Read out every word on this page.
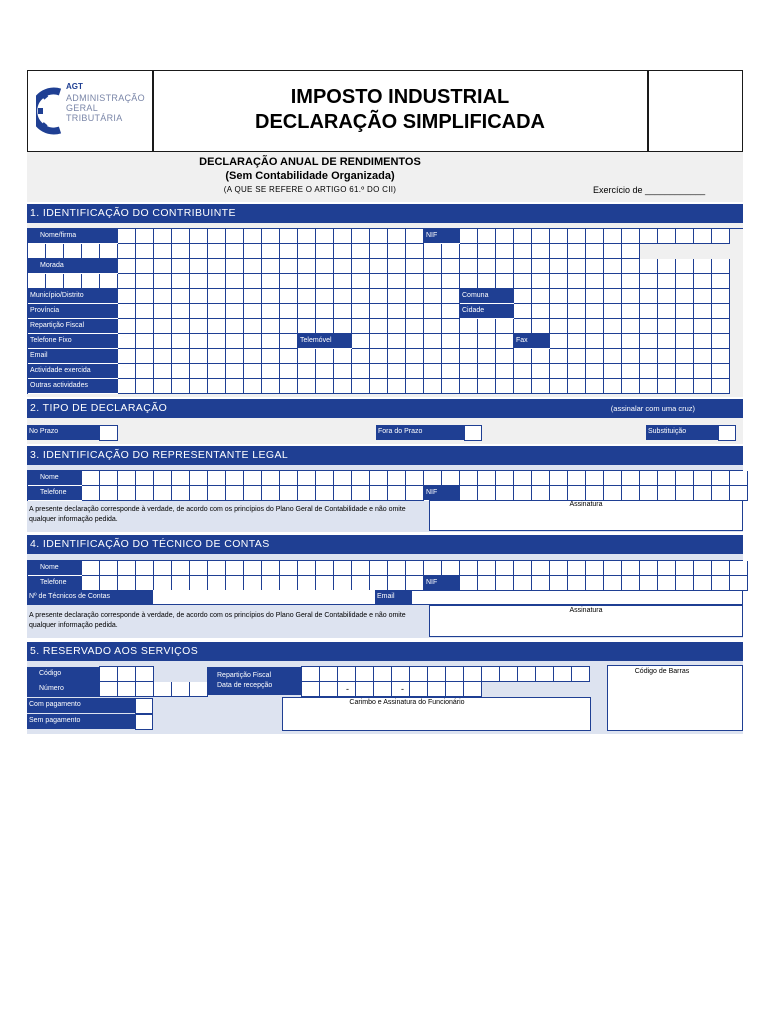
AGT
ADMINISTRAÇÃO
GERAL
TRIBUTÁRIA
IMPOSTO INDUSTRIAL
DECLARAÇÃO SIMPLIFICADA
DECLARAÇÃO ANUAL DE RENDIMENTOS
(Sem Contabilidade Organizada)
(A QUE SE REFERE O ARTIGO 61.º DO CII)	Exercício de ____________
1. IDENTIFICAÇÃO DO CONTRIBUINTE
Nome/firma	NIF
Morada
Município/Distrito	Comuna
Província	Cidade
Repartição Fiscal
Telefone Fixo	Telemóvel	Fax
Email
Actividade exercida
Outras actividades
2. TIPO DE DECLARAÇÃO	(assinalar com uma cruz)
No Prazo	Fora do Prazo	Substituição
3. IDENTIFICAÇÃO DO REPRESENTANTE LEGAL
Nome
Telefone	NIF
A presente declaração corresponde à verdade, de acordo com os princípios do Plano Geral de Contabilidade e não omite qualquer informação pedida.
Assinatura
4. IDENTIFICAÇÃO DO TÉCNICO DE CONTAS
Nome
Telefone	NIF
Nº de Técnicos de Contas	Email
A presente declaração corresponde à verdade, de acordo com os princípios do Plano Geral de Contabilidade e não omite qualquer informação pedida.
Assinatura
5. RESERVADO AOS SERVIÇOS
Código
Número
Repartição Fiscal
Data de recepção	-	-
Código de Barras
Com pagamento
Sem pagamento
Carimbo e Assinatura do Funcionário
